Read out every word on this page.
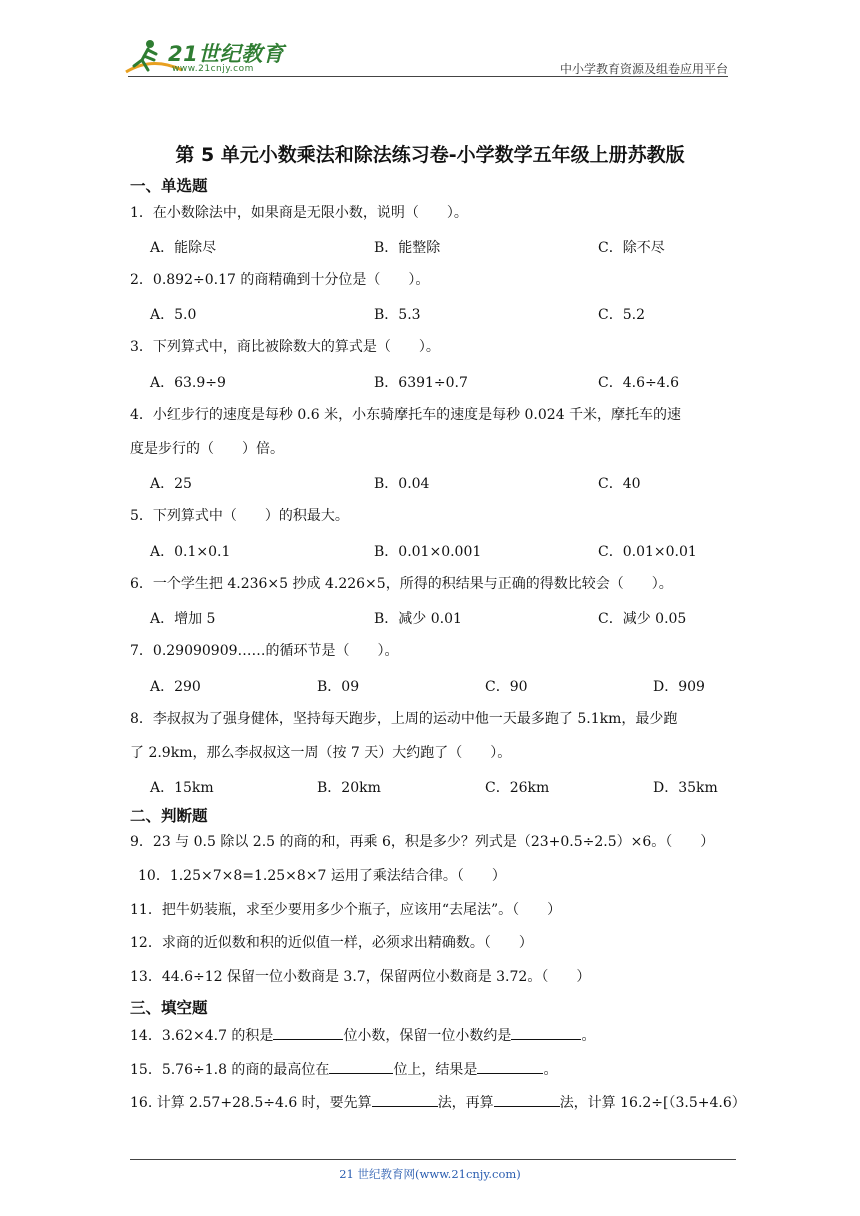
21世纪教育
www.21cnjy.com	中小学教育资源及组卷应用平台
第 5 单元小数乘法和除法练习卷-小学数学五年级上册苏教版
一、单选题
1．在小数除法中，如果商是无限小数，说明（　　）。
A．能除尽	B．能整除	C．除不尽
2．0.892÷0.17 的商精确到十分位是（　　）。
A．5.0	B．5.3	C．5.2
3．下列算式中，商比被除数大的算式是（　　）。
A．63.9÷9	B．6391÷0.7	C．4.6÷4.6
4．小红步行的速度是每秒 0.6 米，小东骑摩托车的速度是每秒 0.024 千米，摩托车的速
度是步行的（　　）倍。
A．25	B．0.04	C．40
5．下列算式中（　　）的积最大。
A．0.1×0.1	B．0.01×0.001	C．0.01×0.01
6．一个学生把 4.236×5 抄成 4.226×5，所得的积结果与正确的得数比较会（　　）。
A．增加 5	B．减少 0.01	C．减少 0.05
7．0.29090909……的循环节是（　　）。
A．290	B．09	C．90	D．909
8．李叔叔为了强身健体，坚持每天跑步，上周的运动中他一天最多跑了 5.1km，最少跑
了 2.9km，那么李叔叔这一周（按 7 天）大约跑了（　　）。
A．15km	B．20km	C．26km	D．35km
二、判断题
9．23 与 0.5 除以 2.5 的商的和，再乘 6，积是多少？列式是（23+0.5÷2.5）×6。（　　）
10．1.25×7×8=1.25×8×7 运用了乘法结合律。（　　）
11．把牛奶装瓶，求至少要用多少个瓶子，应该用“去尾法”。（　　）
12．求商的近似数和积的近似值一样，必须求出精确数。（　　）
13．44.6÷12 保留一位小数商是 3.7，保留两位小数商是 3.72。（　　）
三、填空题
14．3.62×4.7 的积是	位小数，保留一位小数约是	。
15．5.76÷1.8 的商的最高位在	位上，结果是	。
16. 计算 2.57+28.5÷4.6 时，要先算	法，再算	法，计算 16.2÷[（3.5+4.6）
21 世纪教育网(www.21cnjy.com)
